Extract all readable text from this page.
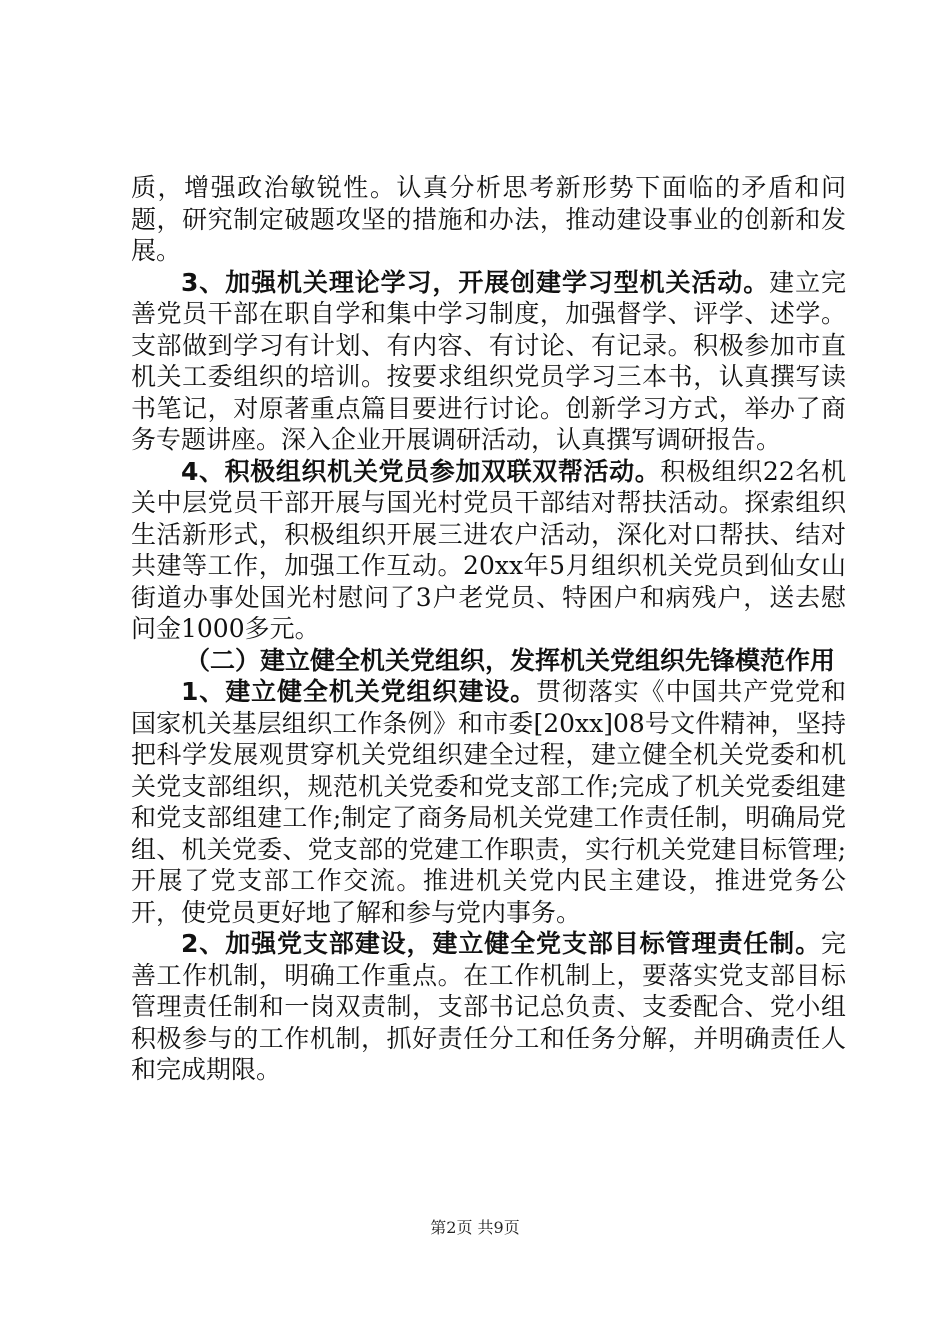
质，增强政治敏锐性。认真分析思考新形势下面临的矛盾和问题，研究制定破题攻坚的措施和办法，推动建设事业的创新和发展。

3、加强机关理论学习，开展创建学习型机关活动。建立完善党员干部在职自学和集中学习制度，加强督学、评学、述学。支部做到学习有计划、有内容、有讨论、有记录。积极参加市直机关工委组织的培训。按要求组织党员学习三本书，认真撰写读书笔记，对原著重点篇目要进行讨论。创新学习方式，举办了商务专题讲座。深入企业开展调研活动，认真撰写调研报告。

4、积极组织机关党员参加双联双帮活动。积极组织22名机关中层党员干部开展与国光村党员干部结对帮扶活动。探索组织生活新形式，积极组织开展三进农户活动，深化对口帮扶、结对共建等工作，加强工作互动。20xx年5月组织机关党员到仙女山街道办事处国光村慰问了3户老党员、特困户和病残户，送去慰问金1000多元。

（二）建立健全机关党组织，发挥机关党组织先锋模范作用

1、建立健全机关党组织建设。贯彻落实《中国共产党党和国家机关基层组织工作条例》和市委[20xx]08号文件精神，坚持把科学发展观贯穿机关党组织建全过程，建立健全机关党委和机关党支部组织，规范机关党委和党支部工作;完成了机关党委组建和党支部组建工作;制定了商务局机关党建工作责任制，明确局党组、机关党委、党支部的党建工作职责，实行机关党建目标管理;开展了党支部工作交流。推进机关党内民主建设，推进党务公开，使党员更好地了解和参与党内事务。

2、加强党支部建设，建立健全党支部目标管理责任制。完善工作机制，明确工作重点。在工作机制上，要落实党支部目标管理责任制和一岗双责制，支部书记总负责、支委配合、党小组积极参与的工作机制，抓好责任分工和任务分解，并明确责任人和完成期限。

第2页 共9页
